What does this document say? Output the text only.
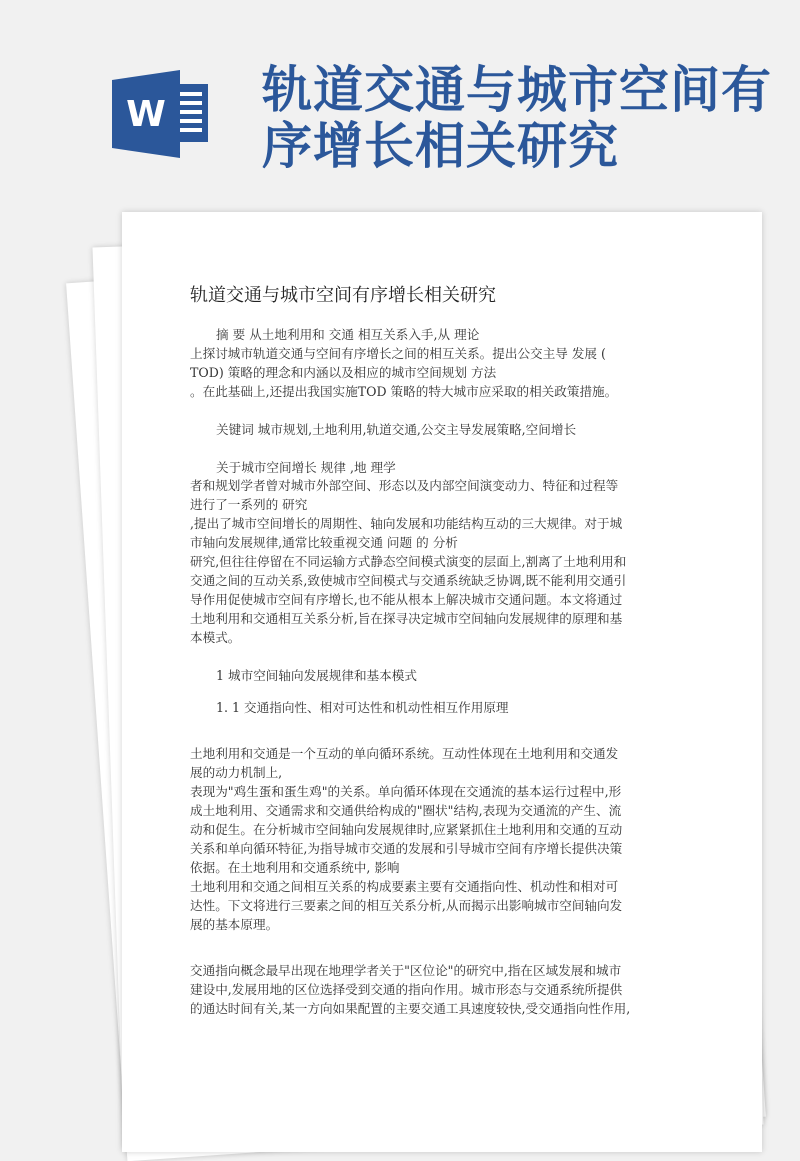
W 轨道交通与城市空间有序增长相关研究
轨道交通与城市空间有序增长相关研究
摘 要 从土地利用和 交通 相互关系入手,从 理论
上探讨城市轨道交通与空间有序增长之间的相互关系。提出公交主导 发展 (
TOD) 策略的理念和内涵以及相应的城市空间规划 方法
。在此基础上,还提出我国实施TOD 策略的特大城市应采取的相关政策措施。
关键词 城市规划,土地利用,轨道交通,公交主导发展策略,空间增长
关于城市空间增长 规律 ,地 理学
者和规划学者曾对城市外部空间、形态以及内部空间演变动力、特征和过程等
进行了一系列的 研究
,提出了城市空间增长的周期性、轴向发展和功能结构互动的三大规律。对于城
市轴向发展规律,通常比较重视交通 问题 的 分析
研究,但往往停留在不同运输方式静态空间模式演变的层面上,割离了土地利用和
交通之间的互动关系,致使城市空间模式与交通系统缺乏协调,既不能利用交通引
导作用促使城市空间有序增长,也不能从根本上解决城市交通问题。本文将通过
土地利用和交通相互关系分析,旨在探寻决定城市空间轴向发展规律的原理和基
本模式。
1 城市空间轴向发展规律和基本模式
1. 1 交通指向性、相对可达性和机动性相互作用原理
土地利用和交通是一个互动的单向循环系统。互动性体现在土地利用和交通发
展的动力机制上,
表现为"鸡生蛋和蛋生鸡"的关系。单向循环体现在交通流的基本运行过程中,形
成土地利用、交通需求和交通供给构成的"圈状"结构,表现为交通流的产生、流
动和促生。在分析城市空间轴向发展规律时,应紧紧抓住土地利用和交通的互动
关系和单向循环特征,为指导城市交通的发展和引导城市空间有序增长提供决策
依据。在土地利用和交通系统中, 影响
土地利用和交通之间相互关系的构成要素主要有交通指向性、机动性和相对可
达性。下文将进行三要素之间的相互关系分析,从而揭示出影响城市空间轴向发
展的基本原理。
交通指向概念最早出现在地理学者关于"区位论"的研究中,指在区域发展和城市
建设中,发展用地的区位选择受到交通的指向作用。城市形态与交通系统所提供
的通达时间有关,某一方向如果配置的主要交通工具速度较快,受交通指向性作用,
